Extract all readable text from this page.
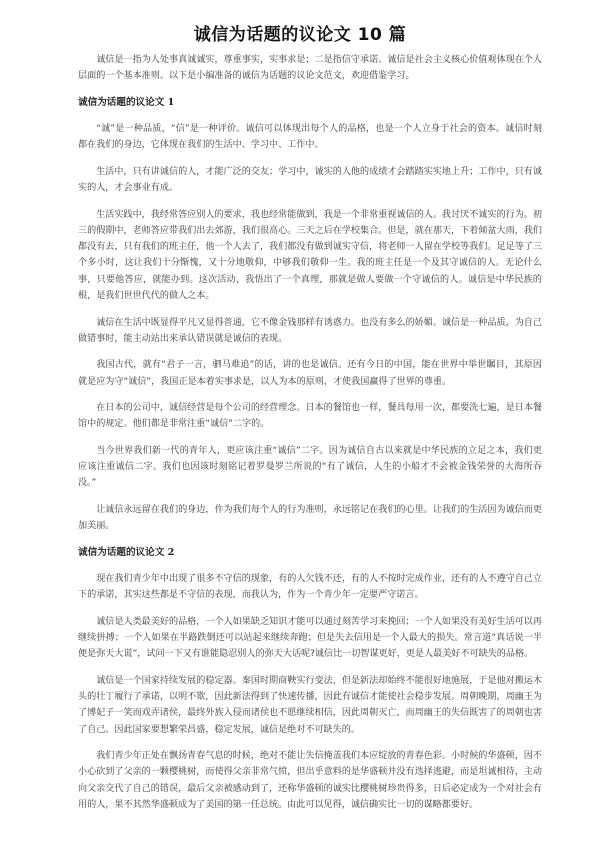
诚信为话题的议论文 10 篇

诚信是一指为人处事真诚诚实，尊重事实，实事求是；二是指信守承诺。诚信是社会主义核心价值观体现在个人层面的一个基本准则。以下是小编准备的诚信为话题的议论文范文，欢迎借鉴学习。

诚信为话题的议论文 1

“诚”是一种品质，“信”是一种评价。诚信可以体现出每个人的品格，也是一个人立身于社会的资本。诚信时刻都在我们的身边，它体现在我们的生活中、学习中、工作中。

生活中，只有讲诚信的人，才能广泛的交友；学习中，诚实的人他的成绩才会踏踏实实地上升；工作中，只有诚实的人，才会事业有成。

生活实践中，我经常答应别人的要求，我也经常能做到，我是一个非常重视诚信的人。我讨厌不诚实的行为。初三的假期中，老师答应带我们出去郊游，我们很高心。三天之后在学校集合。但是，就在那天，下着倾盆大雨，我们都没有去，只有我们的班主任，他一个人去了，我们都没有做到诚实守信，将老师一人留在学校等我们。足足等了三个多小时，这让我们十分惭愧，又十分地敬仰，中够我们敬仰一生。我的班主任是一个及其守诚信的人。无论什么事，只要他答应，就能办到。这次活动，我悟出了一个真理，那就是做人要做一个守诚信的人。诚信是中华民族的根，是我们世世代代的做人之本。

诚信在生活中既显得平凡又显得普通，它不像金钱那样有诱惑力。也没有多么的娇媚。诚信是一种品质，为自己做错事时，能主动站出来承认错误就是诚信的表现。

我国古代，就有“君子一言，驷马难追”的话，讲的也是诚信。还有今日的中国，能在世界中举世瞩目，其原因就是应为守“诚信”，我国正是本着实事求是，以人为本的原则，才使我国赢得了世界的尊重。

在日本的公司中，诚信经营是每个公司的经营理念。日本的餐馆也一样，餐具每用一次，都要洗七遍，是日本餐馆中的规定。他们都是非常注重“诚信”二字的。

当今世界我们新一代的青年人，更应该注重“诚信”二字。因为诚信自古以来就是中华民族的立足之本，我们更应该注重诚信二字。我们也因该时刻铭记着罗曼罗兰所说的“有了诚信，人生的小船才不会被金钱荣誉的大海所吞没。”

让诚信永远留在我们的身边，作为我们每个人的行为准则，永远铭记在我们的心里。让我们的生活因为诚信而更加美丽。

诚信为话题的议论文 2

现在我们青少年中出现了很多不守信的现象，有的人欠钱不还，有的人不按时完成作业，还有的人不遵守自己立下的承诺，其实这些都是不守信的表现，而我认为，作为一个青少年一定要严守诺言。

诚信是人类最美好的品格，一个人如果缺乏知识才能可以通过刻苦学习来挽回；一个人如果没有美好生活可以再继续拼搏；一个人如果在半路跌倒还可以站起来继续奔跑；但是失去信用是一个人最大的损失。常言道“真话说一半便是弥天大谎”，试问一下又有谁能隐忍别人的弥天大话呢?诚信比一切智谋更好，更是人最美好不可缺失的品格。

诚信是一个国家持续发展的稳定器。秦国时期商鞅实行变法，但是新法却始终不能很好地施展，于是他对搬运木头的壮丁履行了承诺，以明不欺，因此新法得到了快速传播，因此有诚信才能使社会稳步发展。周朝晚期，周幽王为了博妃子一笑而戏弄诸侯，最终外族入侵而诸侯也不愿继续相信，因此周朝灭亡，而周幽王的失信既害了的周朝也害了自己。因此国家要想繁荣昌盛，稳定发展，诚信是绝对不可缺失的。

我们青少年正处在飘扬青春气息的时候，绝对不能让失信掩盖我们本应绽放的青春色彩。小时候的华盛顿，因不小心砍到了父亲的一颗樱桃树，而使得父亲非常气愤，但出乎意料的是华盛顿并没有选择逃避，而是坦诚相待，主动向父亲交代了自己的错误，最后父亲被感动到了，还称华盛顿的诚实比樱桃树珍贵得多，日后必定成为一个对社会有用的人，果不其然华盛顿成为了美国的第一任总统。由此可以见得，诚信确实比一切的谋略都要好。
